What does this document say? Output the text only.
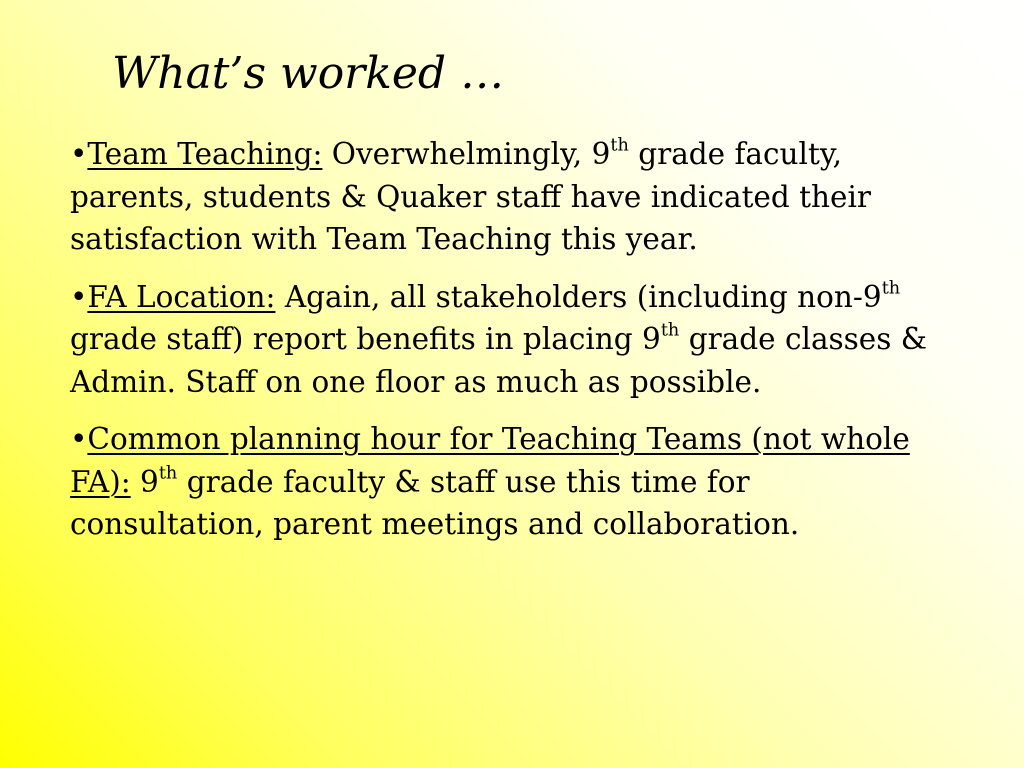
What’s worked …
•Team Teaching: Overwhelmingly, 9th grade faculty, parents, students & Quaker staff have indicated their satisfaction with Team Teaching this year.
•FA Location: Again, all stakeholders (including non-9th grade staff) report benefits in placing 9th grade classes & Admin. Staff on one floor as much as possible.
•Common planning hour for Teaching Teams (not whole FA): 9th grade faculty & staff use this time for consultation, parent meetings and collaboration.
